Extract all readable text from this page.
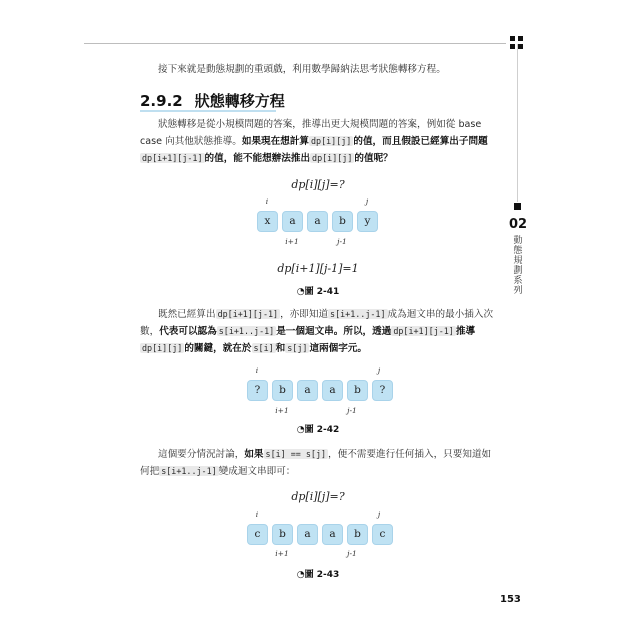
02
動態規劃系列
接下來就是動態規劃的重頭戲，利用數學歸納法思考狀態轉移方程。
2.9.2 狀態轉移方程
狀態轉移是從小規模問題的答案，推導出更大規模問題的答案，例如從 base case 向其他狀態推導。如果現在想計算 dp[i][j] 的值，而且假設已經算出子問題dp[i+1][j-1] 的值，能不能想辦法推出 dp[i][j] 的值呢？
dp[i][j]=?
i	j
x	a	a	b	y
i+1	j-1
dp[i+1][j-1]=1
◔圖 2-41
既然已經算出 dp[i+1][j-1] ，亦即知道 s[i+1..j-1] 成為迴文串的最小插入次數，代表可以認為 s[i+1..j-1] 是一個迴文串。所以，透過 dp[i+1][j-1] 推導dp[i][j] 的關鍵，就在於 s[i] 和 s[j] 這兩個字元。
i	j
?	b	a	a	b	?
i+1	j-1
◔圖 2-42
這個要分情況討論，如果 s[i] == s[j] ，便不需要進行任何插入，只要知道如何把 s[i+1..j-1] 變成迴文串即可：
dp[i][j]=?
i	j
c	b	a	a	b	c
i+1	j-1
◔圖 2-43
153
